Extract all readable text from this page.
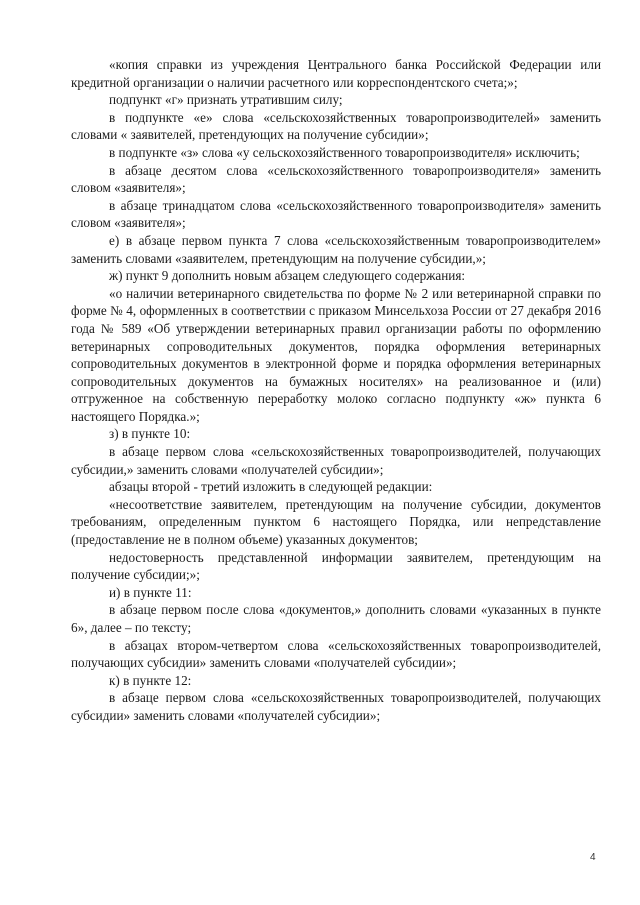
«копия справки из учреждения Центрального банка Российской Федерации или кредитной организации о наличии расчетного или корреспондентского счета;»;

подпункт «г» признать утратившим силу;

в подпункте «е» слова «сельскохозяйственных товаропроизводителей» заменить словами « заявителей, претендующих на получение субсидии»;

в подпункте «з» слова «у сельскохозяйственного товаропроизводителя» исключить;

в абзаце десятом слова «сельскохозяйственного товаропроизводителя» заменить словом «заявителя»;

в абзаце тринадцатом слова «сельскохозяйственного товаропроизводителя» заменить словом «заявителя»;

е) в абзаце первом пункта 7 слова «сельскохозяйственным товаропроизводителем» заменить словами «заявителем, претендующим на получение субсидии,»;

ж) пункт 9 дополнить новым абзацем следующего содержания:

«о наличии ветеринарного свидетельства по форме № 2 или ветеринарной справки по форме № 4, оформленных в соответствии с приказом Минсельхоза России от 27 декабря 2016 года № 589 «Об утверждении ветеринарных правил организации работы по оформлению ветеринарных сопроводительных документов, порядка оформления ветеринарных сопроводительных документов в электронной форме и порядка оформления ветеринарных сопроводительных документов на бумажных носителях» на реализованное и (или) отгруженное на собственную переработку молоко согласно подпункту «ж» пункта 6 настоящего Порядка.»;

з) в пункте 10:

в абзаце первом слова «сельскохозяйственных товаропроизводителей, получающих субсидии,» заменить словами «получателей субсидии»;

абзацы второй - третий изложить в следующей редакции:

«несоответствие заявителем, претендующим на получение субсидии, документов требованиям, определенным пунктом 6 настоящего Порядка, или непредставление (предоставление не в полном объеме) указанных документов;

недостоверность представленной информации заявителем, претендующим на получение субсидии;»;

и) в пункте 11:

в абзаце первом после слова «документов,» дополнить словами «указанных в пункте 6», далее – по тексту;

в абзацах втором-четвертом слова «сельскохозяйственных товаропроизводителей, получающих субсидии» заменить словами «получателей субсидии»;

к) в пункте 12:

в абзаце первом слова «сельскохозяйственных товаропроизводителей, получающих субсидии» заменить словами «получателей субсидии»;

4
